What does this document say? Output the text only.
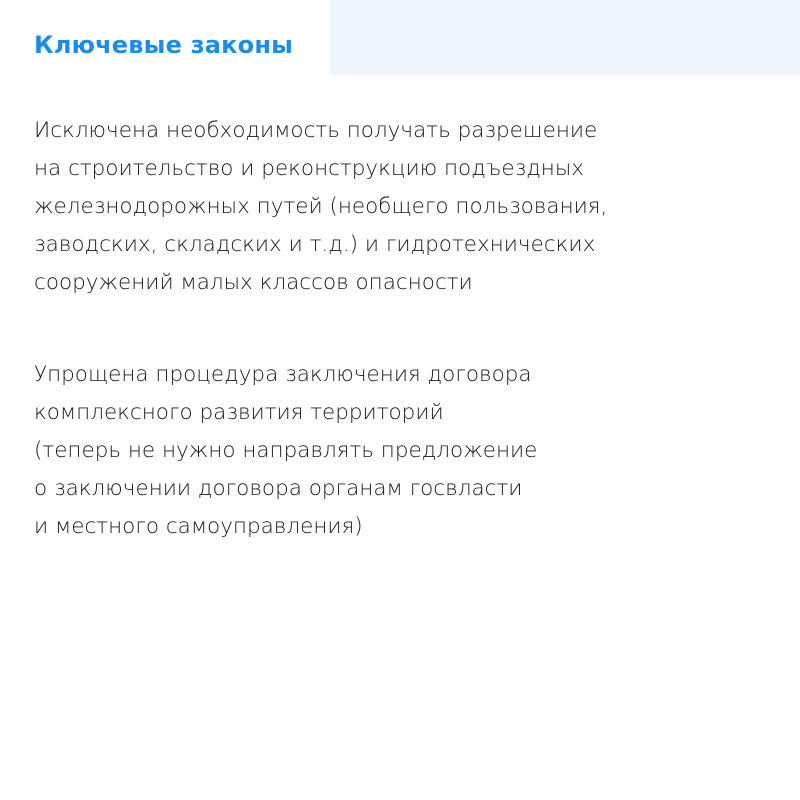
Ключевые законы

Исключена необходимость получать разрешение
на строительство и реконструкцию подъездных
железнодорожных путей (необщего пользования,
заводских, складских и т.д.) и гидротехнических
сооружений малых классов опасности

Упрощена процедура заключения договора
комплексного развития территорий
(теперь не нужно направлять предложение
о заключении договора органам госвласти
и местного самоуправления)
